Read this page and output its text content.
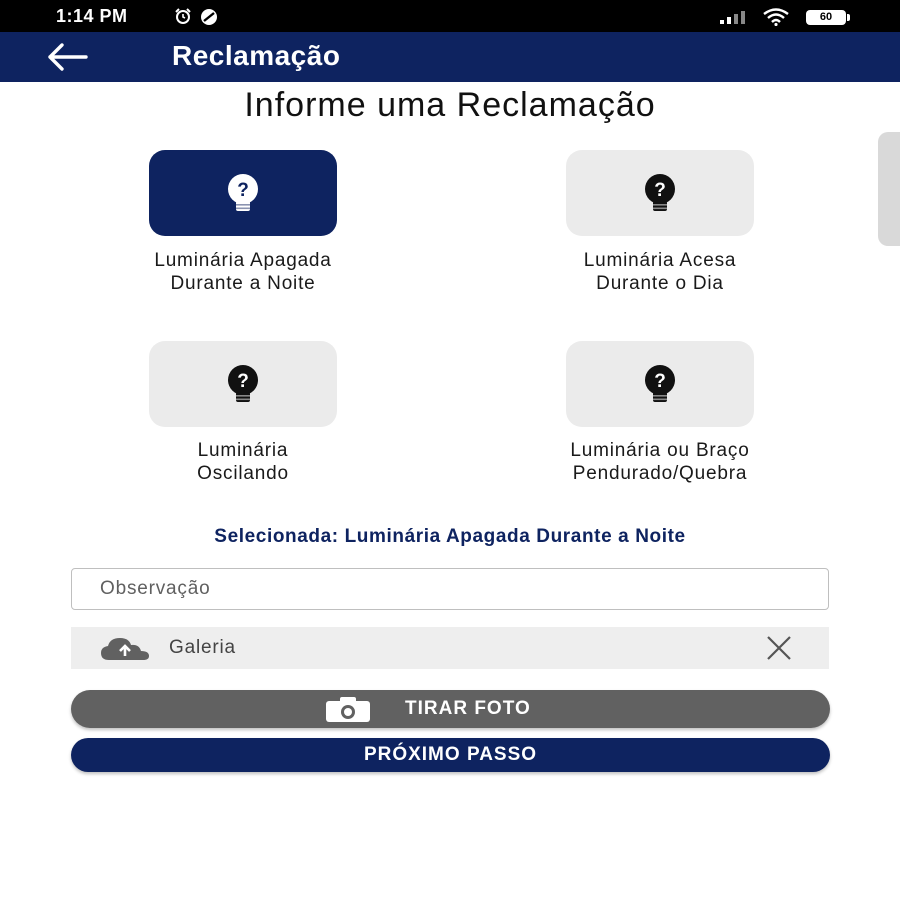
1:14 PM	60
Reclamação
Informe uma Reclamação
?
Luminária Apagada
Durante a Noite
?
Luminária Acesa
Durante o Dia
?
Luminária
Oscilando
?
Luminária ou Braço
Pendurado/Quebra
Selecionada: Luminária Apagada Durante a Noite
Observação
Galeria
TIRAR FOTO
PRÓXIMO PASSO
